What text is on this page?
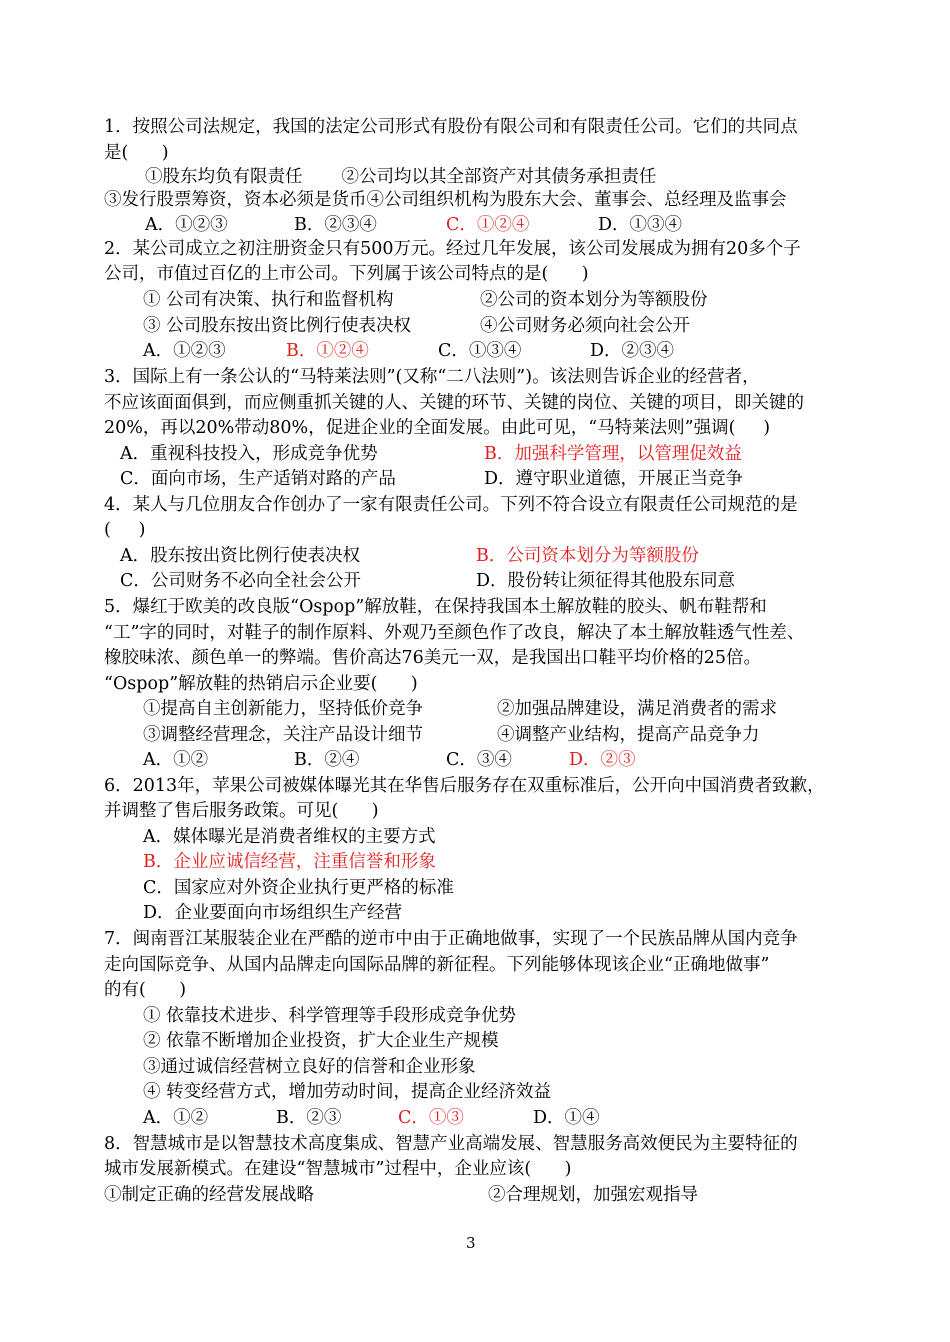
1．按照公司法规定，我国的法定公司形式有股份有限公司和有限责任公司。它们的共同点
是(      )
①股东均负有限责任       ②公司均以其全部资产对其债务承担责任
③发行股票筹资，资本必须是货币④公司组织机构为股东大会、董事会、总经理及监事会
A．①②③	B．②③④	C．①②④	D．①③④
2．某公司成立之初注册资金只有500万元。经过几年发展，该公司发展成为拥有20多个子
公司，市值过百亿的上市公司。下列属于该公司特点的是(      )
① 公司有决策、执行和监督机构	②公司的资本划分为等额股份
③ 公司股东按出资比例行使表决权	④公司财务必须向社会公开
A．①②③	B．①②④	C．①③④	D．②③④
3．国际上有一条公认的“马特莱法则”(又称“二八法则”)。该法则告诉企业的经营者，
不应该面面俱到，而应侧重抓关键的人、关键的环节、关键的岗位、关键的项目，即关键的
20%，再以20%带动80%，促进企业的全面发展。由此可见，“马特莱法则”强调(     )
A．重视科技投入，形成竞争优势	B．加强科学管理，以管理促效益
C．面向市场，生产适销对路的产品	D．遵守职业道德，开展正当竞争
4．某人与几位朋友合作创办了一家有限责任公司。下列不符合设立有限责任公司规范的是
(     )
A．股东按出资比例行使表决权	B．公司资本划分为等额股份
C．公司财务不必向全社会公开	D．股份转让须征得其他股东同意
5．爆红于欧美的改良版“Ospop”解放鞋，在保持我国本土解放鞋的胶头、帆布鞋帮和
“工”字的同时，对鞋子的制作原料、外观乃至颜色作了改良，解决了本土解放鞋透气性差、
橡胶味浓、颜色单一的弊端。售价高达76美元一双，是我国出口鞋平均价格的25倍。
“Ospop”解放鞋的热销启示企业要(      )
①提高自主创新能力，坚持低价竞争	②加强品牌建设，满足消费者的需求
③调整经营理念，关注产品设计细节	④调整产业结构，提高产品竞争力
A．①②	B．②④	C．③④	D．②③
6．2013年，苹果公司被媒体曝光其在华售后服务存在双重标准后，公开向中国消费者致歉，
并调整了售后服务政策。可见(      )
A．媒体曝光是消费者维权的主要方式
B．企业应诚信经营，注重信誉和形象
C．国家应对外资企业执行更严格的标准
D．企业要面向市场组织生产经营
7．闽南晋江某服装企业在严酷的逆市中由于正确地做事，实现了一个民族品牌从国内竞争
走向国际竞争、从国内品牌走向国际品牌的新征程。下列能够体现该企业“正确地做事”
的有(      )
① 依靠技术进步、科学管理等手段形成竞争优势
② 依靠不断增加企业投资，扩大企业生产规模
③通过诚信经营树立良好的信誉和企业形象
④ 转变经营方式，增加劳动时间，提高企业经济效益
A．①②	B．②③	C．①③	D．①④
8．智慧城市是以智慧技术高度集成、智慧产业高端发展、智慧服务高效便民为主要特征的
城市发展新模式。在建设“智慧城市”过程中，企业应该(      )
①制定正确的经营发展战略	②合理规划，加强宏观指导
3
